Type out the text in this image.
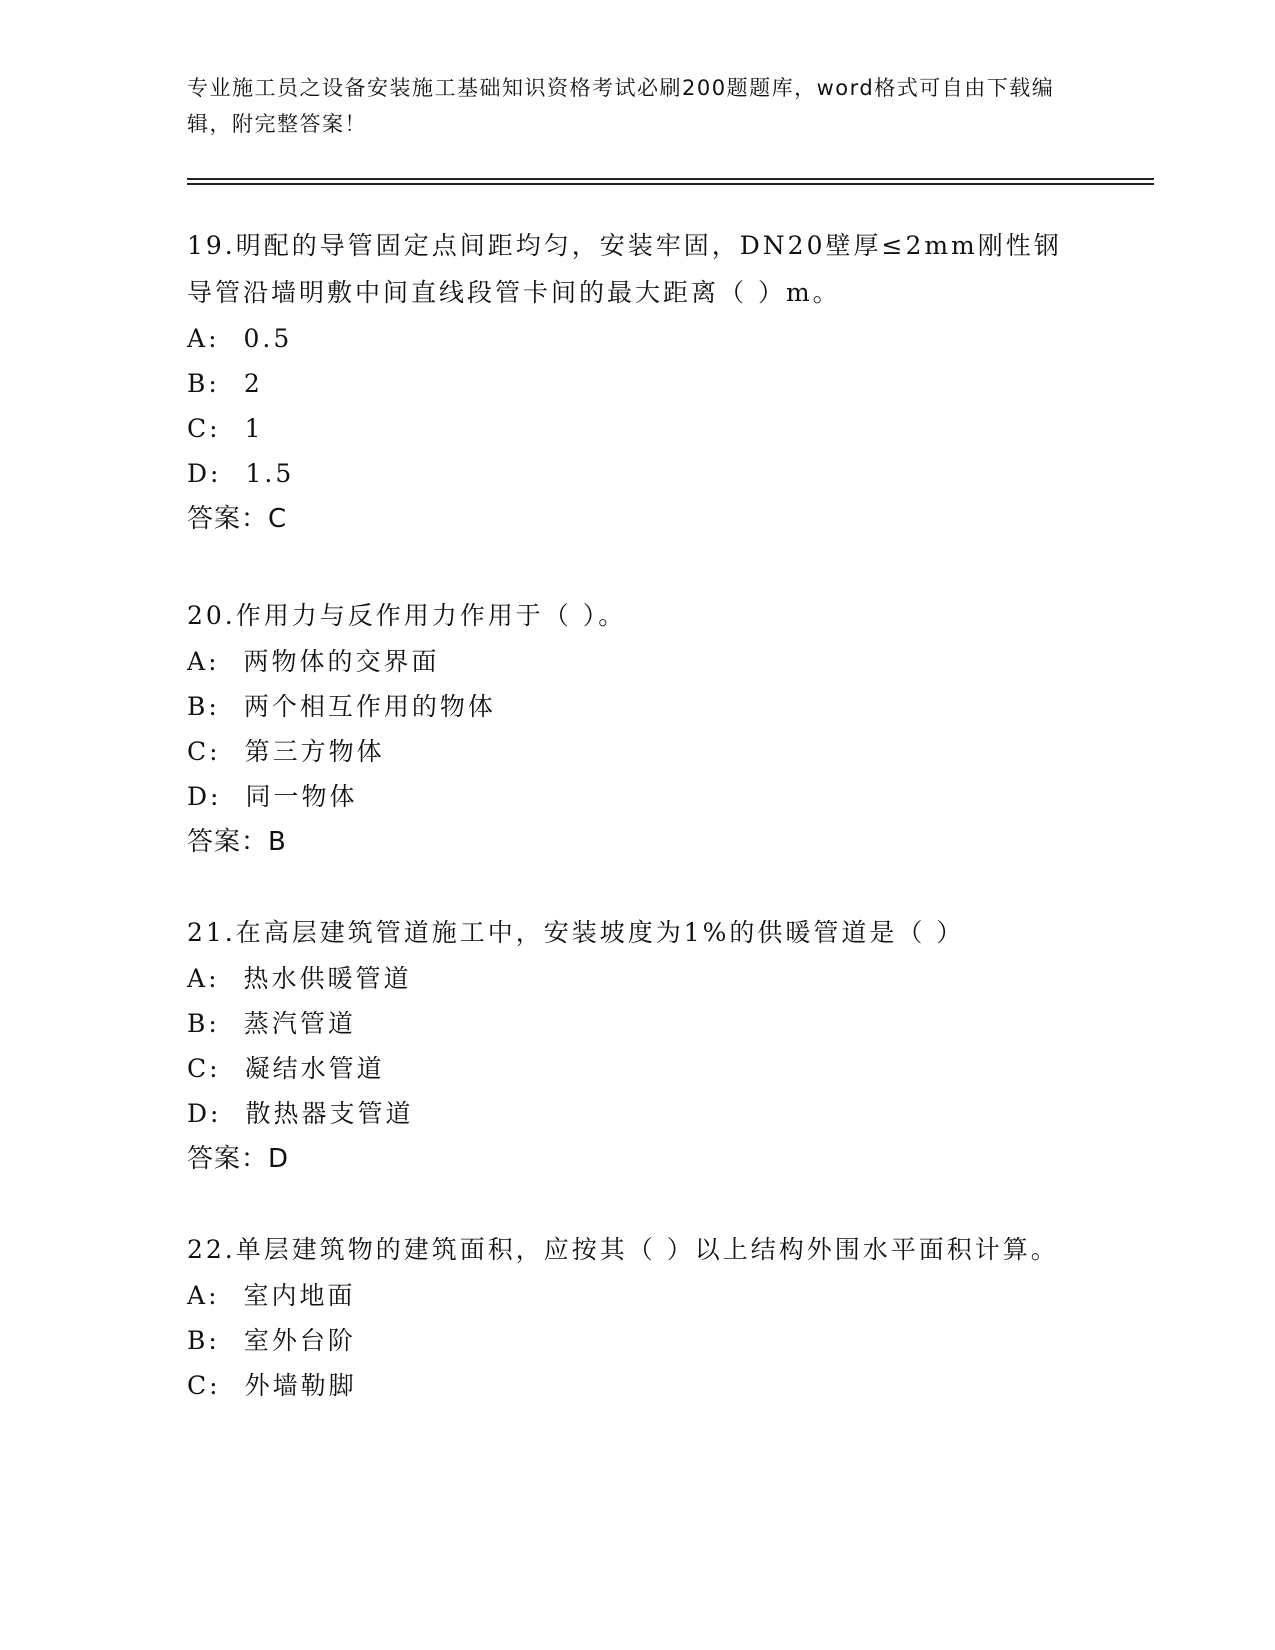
专业施工员之设备安装施工基础知识资格考试必刷200题题库，word格式可自由下载编辑，附完整答案！

19.明配的导管固定点间距均匀，安装牢固，DN20壁厚≤2mm刚性钢导管沿墙明敷中间直线段管卡间的最大距离（ ）m。

A: 0.5
B: 2
C: 1
D: 1.5
答案：C

20.作用力与反作用力作用于（ ）。

A: 两物体的交界面
B: 两个相互作用的物体
C: 第三方物体
D: 同一物体
答案：B

21.在高层建筑管道施工中，安装坡度为1%的供暖管道是（ ）

A: 热水供暖管道
B: 蒸汽管道
C: 凝结水管道
D: 散热器支管道
答案：D

22.单层建筑物的建筑面积，应按其（ ）以上结构外围水平面积计算。

A: 室内地面
B: 室外台阶
C: 外墙勒脚
